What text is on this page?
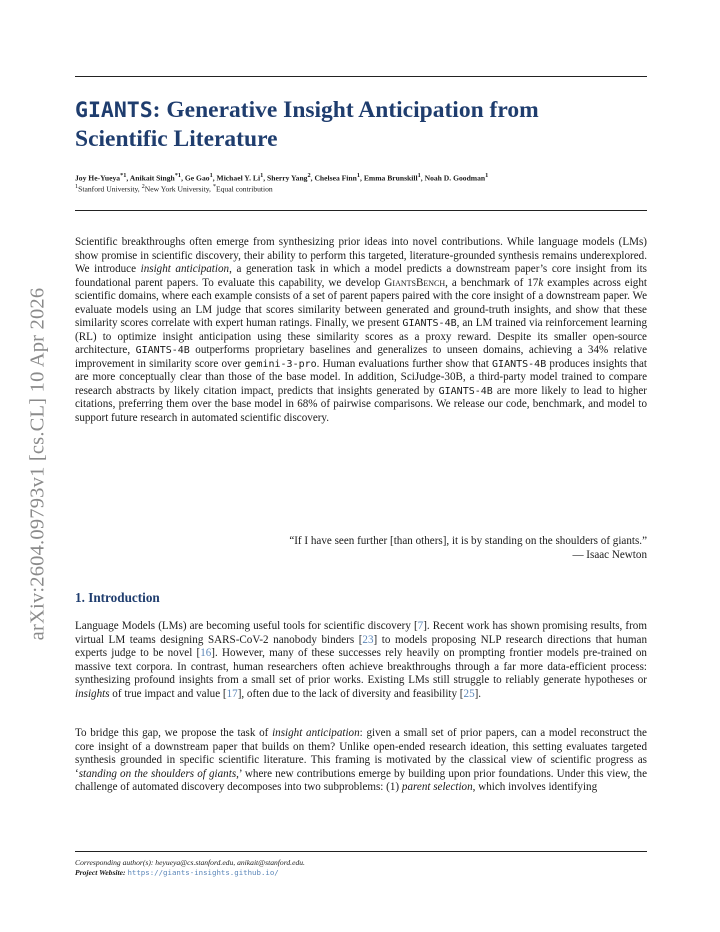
arXiv:2604.09793v1 [cs.CL] 10 Apr 2026
GIANTS: Generative Insight Anticipation from
Scientific Literature
Joy He-Yueya$^{*1}$, Anikait Singh$^{*1}$, Ge Gao$^1$, Michael Y. Li$^1$, Sherry Yang$^2$, Chelsea Finn$^1$, Emma Brunskill$^1$, Noah D. Goodman$^1$
$^1$Stanford University, $^2$New York University, *Equal contribution

Scientific breakthroughs often emerge from synthesizing prior ideas into novel contributions. While language models (LMs) show promise in scientific discovery, their ability to perform this targeted, literature-grounded synthesis remains underexplored. We introduce insight anticipation, a generation task in which a model predicts a downstream paper’s core insight from its foundational parent papers. To evaluate this capability, we develop GiantsBench, a benchmark of 17k examples across eight scientific domains, where each example consists of a set of parent papers paired with the core insight of a downstream paper. We evaluate models using an LM judge that scores similarity between generated and ground-truth insights, and show that these similarity scores correlate with expert human ratings. Finally, we present GIANTS-4B, an LM trained via reinforcement learning (RL) to optimize insight anticipation using these similarity scores as a proxy reward. Despite its smaller open-source architecture, GIANTS-4B outperforms proprietary baselines and generalizes to unseen domains, achieving a 34% relative improvement in similarity score over gemini-3-pro. Human evaluations further show that GIANTS-4B produces insights that are more conceptually clear than those of the base model. In addition, SciJudge-30B, a third-party model trained to compare research abstracts by likely citation impact, predicts that insights generated by GIANTS-4B are more likely to lead to higher citations, preferring them over the base model in 68% of pairwise comparisons. We release our code, benchmark, and model to support future research in automated scientific discovery.

“If I have seen further [than others], it is by standing on the shoulders of giants.”
— Isaac Newton
1. Introduction

Language Models (LMs) are becoming useful tools for scientific discovery [7]. Recent work has shown promising results, from virtual LM teams designing SARS-CoV-2 nanobody binders [23] to models proposing NLP research directions that human experts judge to be novel [16]. However, many of these successes rely heavily on prompting frontier models pre-trained on massive text corpora. In contrast, human researchers often achieve breakthroughs through a far more data-efficient process: synthesizing profound insights from a small set of prior works. Existing LMs still struggle to reliably generate hypotheses or insights of true impact and value [17], often due to the lack of diversity and feasibility [25].

To bridge this gap, we propose the task of insight anticipation: given a small set of prior papers, can a model reconstruct the core insight of a downstream paper that builds on them? Unlike open-ended research ideation, this setting evaluates targeted synthesis grounded in specific scientific literature. This framing is motivated by the classical view of scientific progress as ‘standing on the shoulders of giants,’ where new contributions emerge by building upon prior foundations. Under this view, the challenge of automated discovery decomposes into two subproblems: (1) parent selection, which involves identifying

Corresponding author(s): heyueya@cs.stanford.edu, anikait@stanford.edu.
Project Website: https://giants-insights.github.io/
